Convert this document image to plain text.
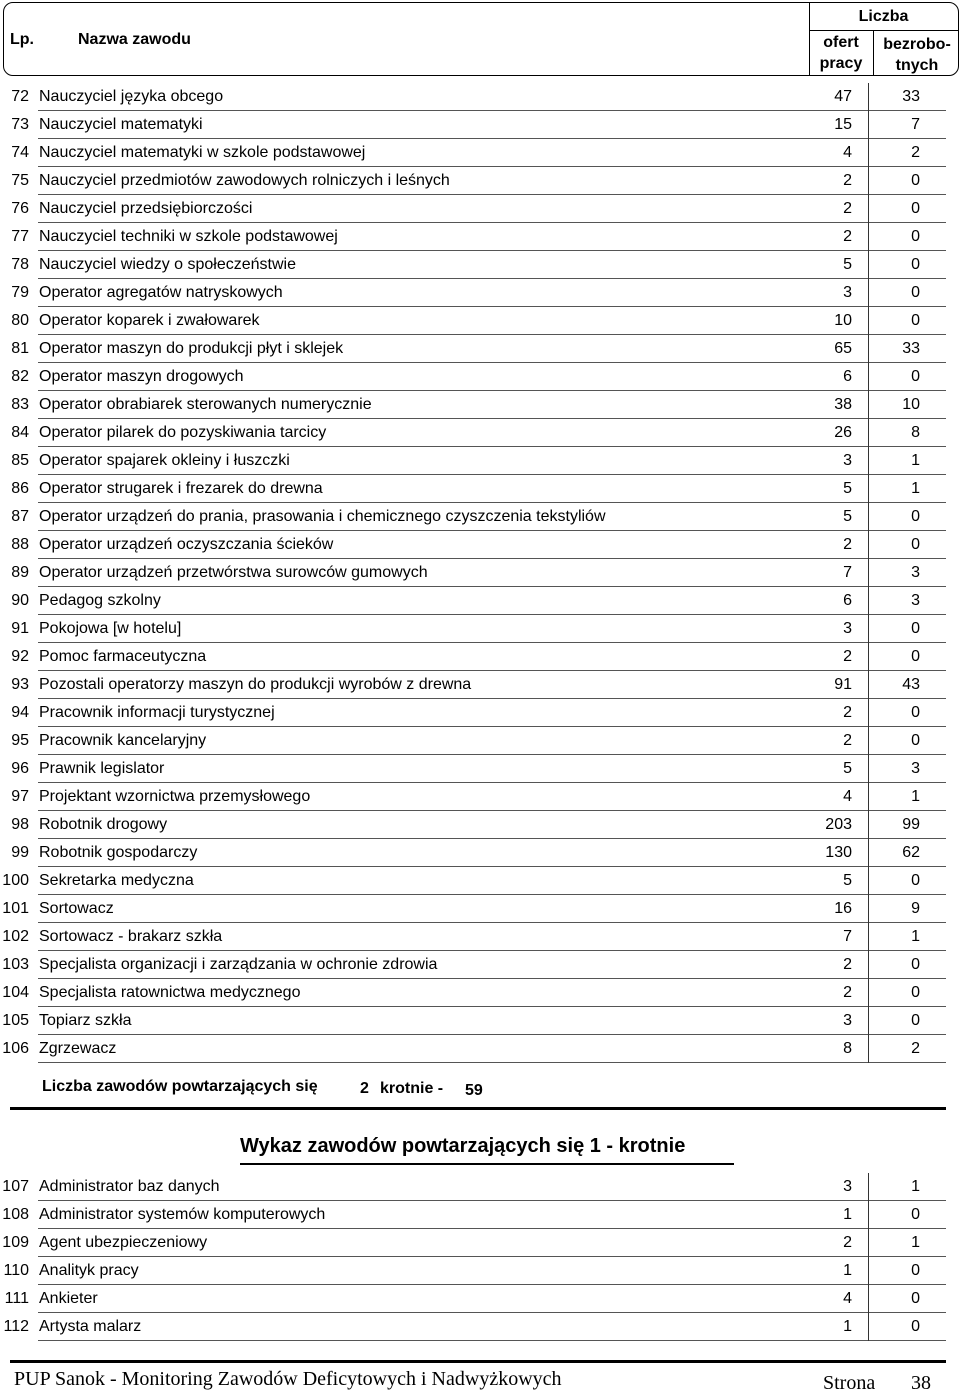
Lp.	Nazwa zawodu
Liczba
ofert
pracy
bezrobo-
tnych
72 Nauczyciel języka obcego	47	33
73 Nauczyciel matematyki	15	7
74 Nauczyciel matematyki w szkole podstawowej	4	2
75 Nauczyciel przedmiotów zawodowych rolniczych i leśnych	2	0
76 Nauczyciel przedsiębiorczości	2	0
77 Nauczyciel techniki w szkole podstawowej	2	0
78 Nauczyciel wiedzy o społeczeństwie	5	0
79 Operator agregatów natryskowych	3	0
80 Operator koparek i zwałowarek	10	0
81 Operator maszyn do produkcji płyt i sklejek	65	33
82 Operator maszyn drogowych	6	0
83 Operator obrabiarek sterowanych numerycznie	38	10
84 Operator pilarek do pozyskiwania tarcicy	26	8
85 Operator spajarek okleiny i łuszczki	3	1
86 Operator strugarek i frezarek do drewna	5	1
87 Operator urządzeń do prania, prasowania i chemicznego czyszczenia tekstyliów	5	0
88 Operator urządzeń oczyszczania ścieków	2	0
89 Operator urządzeń przetwórstwa surowców gumowych	7	3
90 Pedagog szkolny	6	3
91 Pokojowa [w hotelu]	3	0
92 Pomoc farmaceutyczna	2	0
93 Pozostali operatorzy maszyn do produkcji wyrobów z drewna	91	43
94 Pracownik informacji turystycznej	2	0
95 Pracownik kancelaryjny	2	0
96 Prawnik legislator	5	3
97 Projektant wzornictwa przemysłowego	4	1
98 Robotnik drogowy	203	99
99 Robotnik gospodarczy	130	62
100 Sekretarka medyczna	5	0
101 Sortowacz	16	9
102 Sortowacz - brakarz szkła	7	1
103 Specjalista organizacji i zarządzania w ochronie zdrowia	2	0
104 Specjalista ratownictwa medycznego	2	0
105 Topiarz szkła	3	0
106 Zgrzewacz	8	2
Liczba zawodów powtarzających się	2 krotnie - 59
Wykaz zawodów powtarzających się 1 - krotnie
107 Administrator baz danych	3	1
108 Administrator systemów komputerowych	1	0
109 Agent ubezpieczeniowy	2	1
110 Analityk pracy	1	0
111 Ankieter	4	0
112 Artysta malarz	1	0
PUP Sanok - Monitoring Zawodów Deficytowych i Nadwyżkowych	Strona 38
